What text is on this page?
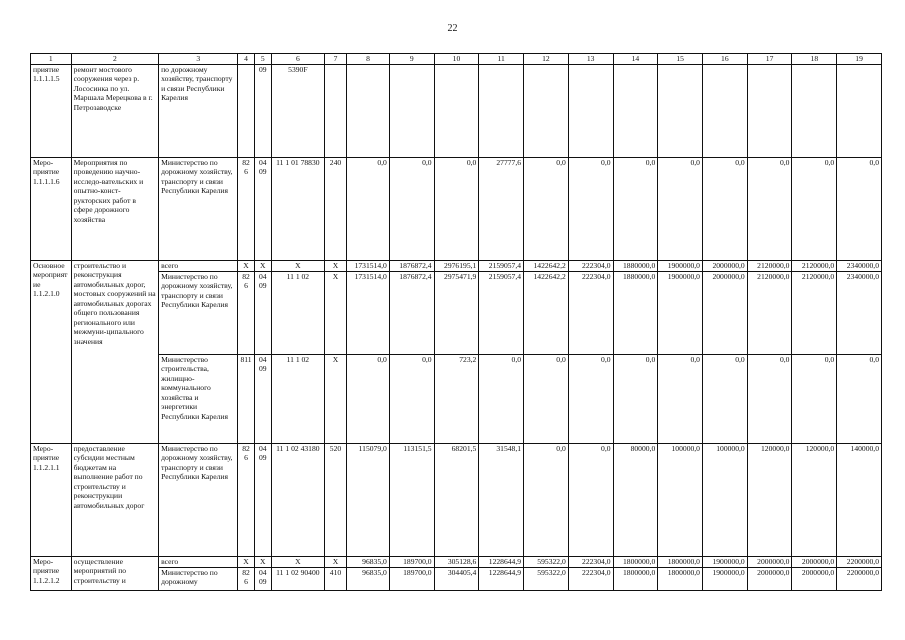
22
1	2	3	4	5	6	7	8	9	10	11	12	13	14	15	16	17	18	19
приятие 1.1.1.1.5	ремонт мостового сооружения через р. Лососинка по ул. Маршала Мерецкова в г. Петрозаводске	по дорожному хозяйству, транспорту и связи Республики Карелия		09	5390F													
Меро-приятие 1.1.1.1.6	Мероприятия по проведению научно-исследо-вательских и опытно-конст-рукторских работ в сфере дорожного хозяйства	Министерство по дорожному хозяйству, транспорту и связи Республики Карелия	826	04 09	11 1 01 78830	240	0,0	0,0	0,0	27777,6	0,0	0,0	0,0	0,0	0,0	0,0	0,0	0,0
Основное мероприятие 1.1.2.1.0	строительство и реконструкция автомобильных дорог, мостовых сооружений на автомобильных дорогах общего пользования регионального или межмуни-ципального значения	всего	X	X	X	X	1731514,0	1876872,4	2976195,1	2159057,4	1422642,2	222304,0	1880000,0	1900000,0	2000000,0	2120000,0	2120000,0	2340000,0
		Министерство по дорожному хозяйству, транспорту и связи Республики Карелия	826	04 09	11 1 02	X	1731514,0	1876872,4	2975471,9	2159057,4	1422642,2	222304,0	1880000,0	1900000,0	2000000,0	2120000,0	2120000,0	2340000,0
		Министерство строительства, жилищно-коммунального хозяйства и энергетики Республики Карелия	811	04 09	11 1 02	X	0,0	0,0	723,2	0,0	0,0	0,0	0,0	0,0	0,0	0,0	0,0	0,0
Меро-приятие 1.1.2.1.1	предоставление субсидии местным бюджетам на выполнение работ по строительству и реконструкции автомобильных дорог	Министерство по дорожному хозяйству, транспорту и связи Республики Карелия	826	04 09	11 1 02 43180	520	115079,0	113151,5	68201,5	31548,1	0,0	0,0	80000,0	100000,0	100000,0	120000,0	120000,0	140000,0
Меро-приятие 1.1.2.1.2	осуществление мероприятий по строительству и	всего	X	X	X	X	96835,0	189700,0	305128,6	1228644,9	595322,0	222304,0	1800000,0	1800000,0	1900000,0	2000000,0	2000000,0	2200000,0
		Министерство по дорожному	826	04 09	11 1 02 90400	410	96835,0	189700,0	304405,4	1228644,9	595322,0	222304,0	1800000,0	1800000,0	1900000,0	2000000,0	2000000,0	2200000,0
